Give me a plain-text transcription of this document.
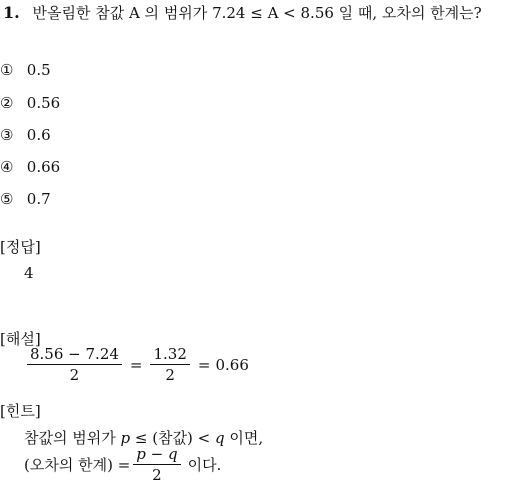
1. 반올림한 참값 A 의 범위가 7.24 ≤ A < 8.56 일 때, 오차의 한계는?
① 0.5
② 0.56
③ 0.6
④ 0.66
⑤ 0.7
[정답]
4
[해설]
$\frac{8.56 - 7.24}{2} = \frac{1.32}{2} = 0.66$
[힌트]
참값의 범위가 p ≤ (참값) < q 이면,
(오차의 한계) = $\frac{p - q}{2}$ 이다.
